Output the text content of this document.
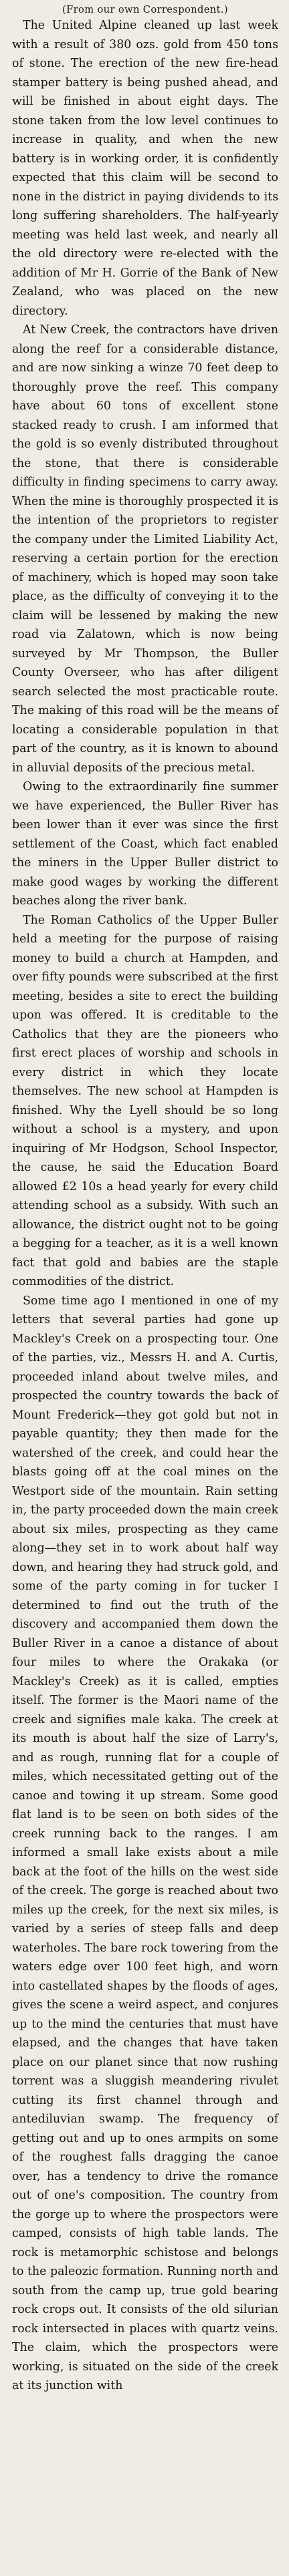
(From our own Correspondent.)

The United Alpine cleaned up last week with a result of 380 ozs. gold from 450 tons of stone. The erection of the new fire-head stamper battery is being pushed ahead, and will be finished in about eight days. The stone taken from the low level continues to increase in quality, and when the new battery is in working order, it is confidently expected that this claim will be second to none in the district in paying dividends to its long suffering shareholders. The half-yearly meeting was held last week, and nearly all the old directory were re-elected with the addition of Mr H. Gorrie of the Bank of New Zealand, who was placed on the new directory.

At New Creek, the contractors have driven along the reef for a considerable distance, and are now sinking a winze 70 feet deep to thoroughly prove the reef. This company have about 60 tons of excellent stone stacked ready to crush. I am informed that the gold is so evenly distributed throughout the stone, that there is considerable difficulty in finding specimens to carry away. When the mine is thoroughly prospected it is the intention of the proprietors to register the company under the Limited Liability Act, reserving a certain portion for the erection of machinery, which is hoped may soon take place, as the difficulty of conveying it to the claim will be lessened by making the new road via Zalatown, which is now being surveyed by Mr Thompson, the Buller County Overseer, who has after diligent search selected the most practicable route. The making of this road will be the means of locating a considerable population in that part of the country, as it is known to abound in alluvial deposits of the precious metal.

Owing to the extraordinarily fine summer we have experienced, the Buller River has been lower than it ever was since the first settlement of the Coast, which fact enabled the miners in the Upper Buller district to make good wages by working the different beaches along the river bank.

The Roman Catholics of the Upper Buller held a meeting for the purpose of raising money to build a church at Hampden, and over fifty pounds were subscribed at the first meeting, besides a site to erect the building upon was offered. It is creditable to the Catholics that they are the pioneers who first erect places of worship and schools in every district in which they locate themselves. The new school at Hampden is finished. Why the Lyell should be so long without a school is a mystery, and upon inquiring of Mr Hodgson, School Inspector, the cause, he said the Education Board allowed £2 10s a head yearly for every child attending school as a subsidy. With such an allowance, the district ought not to be going a begging for a teacher, as it is a well known fact that gold and babies are the staple commodities of the district.

Some time ago I mentioned in one of my letters that several parties had gone up Mackley's Creek on a prospecting tour. One of the parties, viz., Messrs H. and A. Curtis, proceeded inland about twelve miles, and prospected the country towards the back of Mount Frederick—they got gold but not in payable quantity; they then made for the watershed of the creek, and could hear the blasts going off at the coal mines on the Westport side of the mountain. Rain setting in, the party proceeded down the main creek about six miles, prospecting as they came along—they set in to work about half way down, and hearing they had struck gold, and some of the party coming in for tucker I determined to find out the truth of the discovery and accompanied them down the Buller River in a canoe a distance of about four miles to where the Orakaka (or Mackley's Creek) as it is called, empties itself. The former is the Maori name of the creek and signifies male kaka. The creek at its mouth is about half the size of Larry's, and as rough, running flat for a couple of miles, which necessitated getting out of the canoe and towing it up stream. Some good flat land is to be seen on both sides of the creek running back to the ranges. I am informed a small lake exists about a mile back at the foot of the hills on the west side of the creek. The gorge is reached about two miles up the creek, for the next six miles, is varied by a series of steep falls and deep waterholes. The bare rock towering from the waters edge over 100 feet high, and worn into castellated shapes by the floods of ages, gives the scene a weird aspect, and conjures up to the mind the centuries that must have elapsed, and the changes that have taken place on our planet since that now rushing torrent was a sluggish meandering rivulet cutting its first channel through and antediluvian swamp. The frequency of getting out and up to ones armpits on some of the roughest falls dragging the canoe over, has a tendency to drive the romance out of one's composition. The country from the gorge up to where the prospectors were camped, consists of high table lands. The rock is metamorphic schistose and belongs to the paleozic formation. Running north and south from the camp up, true gold bearing rock crops out. It consists of the old silurian rock intersected in places with quartz veins. The claim, which the prospectors were working, is situated on the side of the creek at its junction with
